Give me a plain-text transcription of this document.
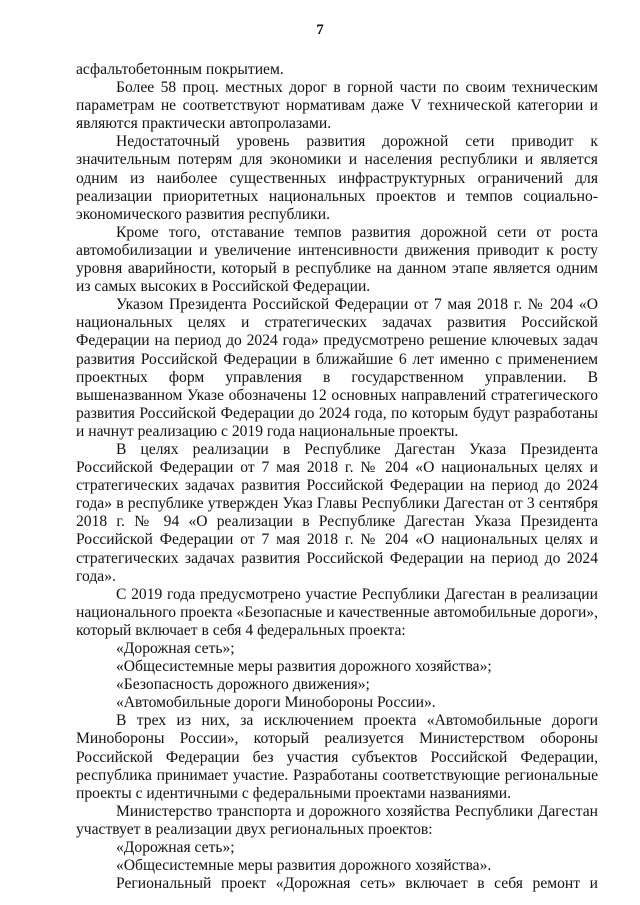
7

асфальтобетонным покрытием.

Более 58 проц. местных дорог в горной части по своим техническим параметрам не соответствуют нормативам даже V технической категории и являются практически автопролазами.

Недостаточный уровень развития дорожной сети приводит к значительным потерям для экономики и населения республики и является одним из наиболее существенных инфраструктурных ограничений для реализации приоритетных национальных проектов и темпов социально-экономического развития республики.

Кроме того, отставание темпов развития дорожной сети от роста автомобилизации и увеличение интенсивности движения приводит к росту уровня аварийности, который в республике на данном этапе является одним из самых высоких в Российской Федерации.

Указом Президента Российской Федерации от 7 мая 2018 г. № 204 «О национальных целях и стратегических задачах развития Российской Федерации на период до 2024 года» предусмотрено решение ключевых задач развития Российской Федерации в ближайшие 6 лет именно с применением проектных форм управления в государственном управлении. В вышеназванном Указе обозначены 12 основных направлений стратегического развития Российской Федерации до 2024 года, по которым будут разработаны и начнут реализацию с 2019 года национальные проекты.

В целях реализации в Республике Дагестан Указа Президента Российской Федерации от 7 мая 2018 г. № 204 «О национальных целях и стратегических задачах развития Российской Федерации на период до 2024 года» в республике утвержден Указ Главы Республики Дагестан от 3 сентября 2018 г. № 94 «О реализации в Республике Дагестан Указа Президента Российской Федерации от 7 мая 2018 г. № 204 «О национальных целях и стратегических задачах развития Российской Федерации на период до 2024 года».

С 2019 года предусмотрено участие Республики Дагестан в реализации национального проекта «Безопасные и качественные автомобильные дороги», который включает в себя 4 федеральных проекта:

«Дорожная сеть»;

«Общесистемные меры развития дорожного хозяйства»;

«Безопасность дорожного движения»;

«Автомобильные дороги Минобороны России».

В трех из них, за исключением проекта «Автомобильные дороги Минобороны России», который реализуется Министерством обороны Российской Федерации без участия субъектов Российской Федерации, республика принимает участие. Разработаны соответствующие региональные проекты с идентичными с федеральными проектами названиями.

Министерство транспорта и дорожного хозяйства Республики Дагестан участвует в реализации двух региональных проектов:

«Дорожная сеть»;

«Общесистемные меры развития дорожного хозяйства».

Региональный проект «Дорожная сеть» включает в себя ремонт и
